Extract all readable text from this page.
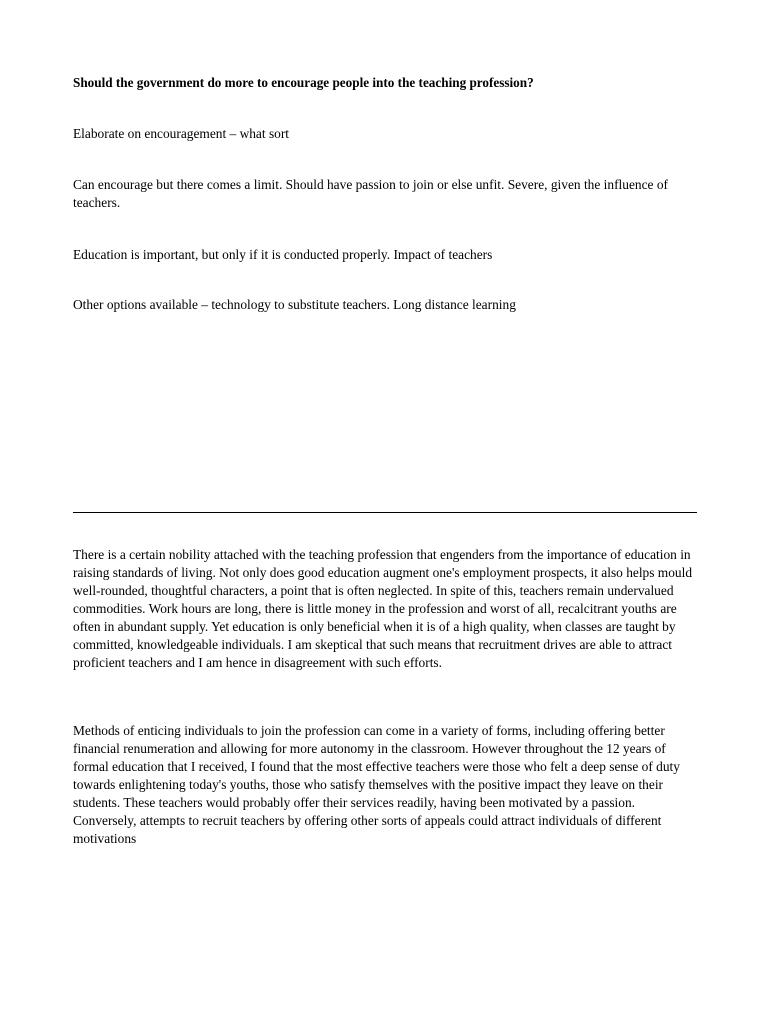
Should the government do more to encourage people into the teaching profession?

Elaborate on encouragement – what sort

Can encourage but there comes a limit. Should have passion to join or else unfit. Severe, given the influence of teachers.

Education is important, but only if it is conducted properly. Impact of teachers

Other options available – technology to substitute teachers. Long distance learning

There is a certain nobility attached with the teaching profession that engenders from the importance of education in raising standards of living. Not only does good education augment one's employment prospects, it also helps mould well-rounded, thoughtful characters, a point that is often neglected. In spite of this, teachers remain undervalued commodities. Work hours are long, there is little money in the profession and worst of all, recalcitrant youths are often in abundant supply. Yet education is only beneficial when it is of a high quality, when classes are taught by committed, knowledgeable individuals. I am skeptical that such means that recruitment drives are able to attract proficient teachers and I am hence in disagreement with such efforts.

Methods of enticing individuals to join the profession can come in a variety of forms, including offering better financial renumeration and allowing for more autonomy in the classroom. However throughout the 12 years of formal education that I received, I found that the most effective teachers were those who felt a deep sense of duty towards enlightening today's youths, those who satisfy themselves with the positive impact they leave on their students. These teachers would probably offer their services readily, having been motivated by a passion. Conversely, attempts to recruit teachers by offering other sorts of appeals could attract individuals of different motivations
